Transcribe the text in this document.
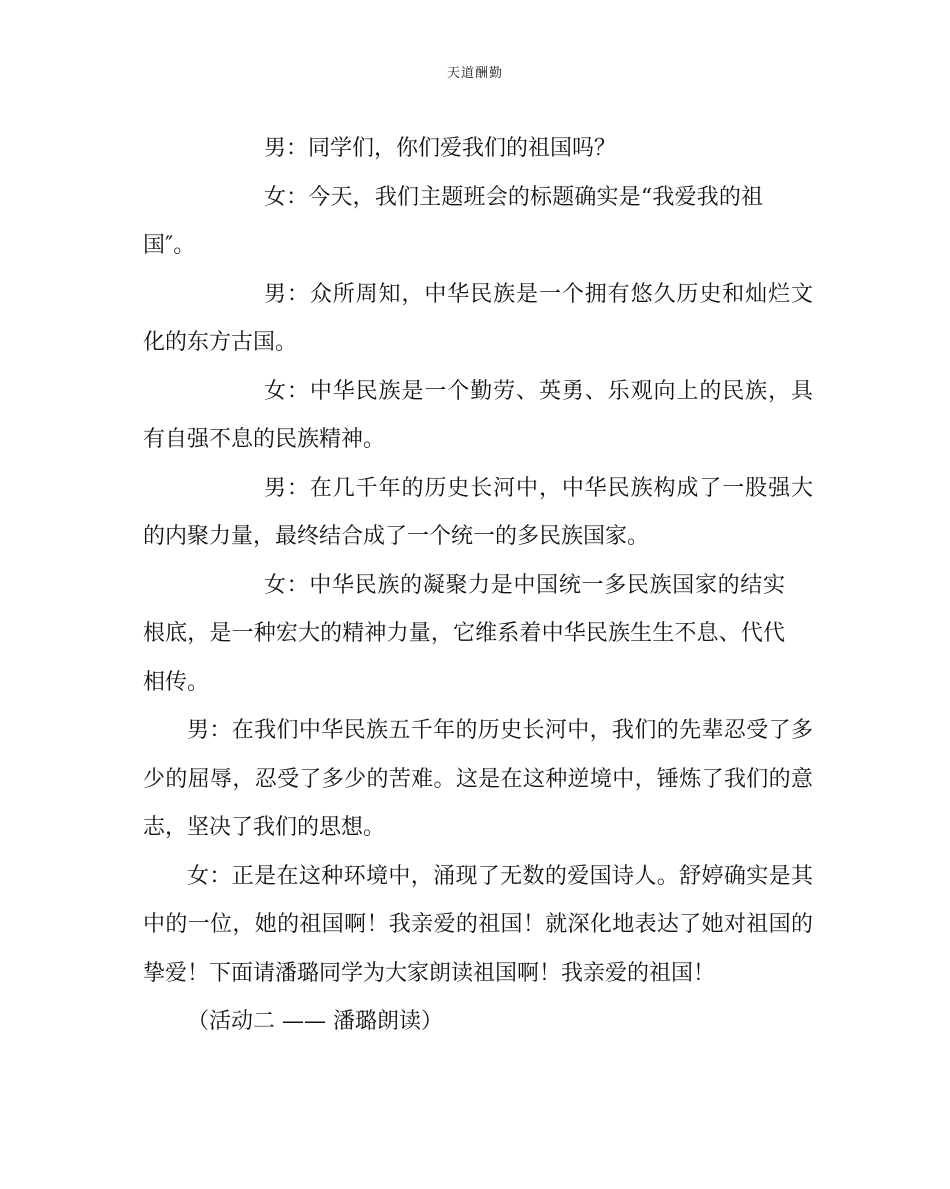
天道酬勤

男：同学们，你们爱我们的祖国吗？

女：今天，我们主题班会的标题确实是“我爱我的祖国″。

男：众所周知，中华民族是一个拥有悠久历史和灿烂文化的东方古国。

女：中华民族是一个勤劳、英勇、乐观向上的民族，具有自强不息的民族精神。

男：在几千年的历史长河中，中华民族构成了一股强大的内聚力量，最终结合成了一个统一的多民族国家。

女：中华民族的凝聚力是中国统一多民族国家的结实根底，是一种宏大的精神力量，它维系着中华民族生生不息、代代相传。

男：在我们中华民族五千年的历史长河中，我们的先辈忍受了多少的屈辱，忍受了多少的苦难。这是在这种逆境中，锤炼了我们的意志，坚决了我们的思想。

女：正是在这种环境中，涌现了无数的爱国诗人。舒婷确实是其中的一位，她的祖国啊！我亲爱的祖国！就深化地表达了她对祖国的挚爱！下面请潘璐同学为大家朗读祖国啊！我亲爱的祖国！

（活动二 —— 潘璐朗读）
